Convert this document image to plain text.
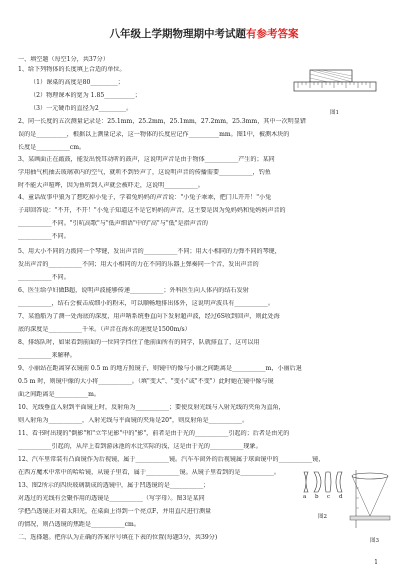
八年级上学期物理期中考试题有参考答案
一、填空题（每空1分，共37分）
1、给下列物体的长度填上合适的单位。
（1）课桌的高度是80_________；
（2）物理课本的宽为 1.85__________；
（3）一元硬币的直径为2_________。
图1
2、同一长度的五次测量记录是：25.1mm，25.2mm，25.1mm，27.2mm，25.3mm，其中一次明显错
误的是__________，根据以上测量记录，这一物体的长度应记作__________mm。图1中，被测木块的
长度是___________cm。
3、某画面正在敲鼓，能发出悦耳动听的鼓声，这说明声音是由于物体___________产生的；某同
学用抽气机抽去玻璃罩内的空气，就听不到铃声了，这说明声音的传播需要___________，钓鱼
时不能大声喧哗，因为鱼听到人声就会被吓走，这说明___________。
4、童话故事中狼为了想吃掉小兔子，学着兔妈妈的声音说："小兔子乖乖，把门儿开开！"小兔
子却回答说："不开，不开！"小兔子知道这不是它妈妈的声音，这主要是因为兔妈妈和兔妈妈声音的
___________不同。"引吭高歌"与"低声细语"中的"高"与"低"是指声音的
___________不同。
5、用大小不同的力拨同一个琴键，发出声音的___________不同；用大小相同的力弹不同的琴键，
发出声音的___________不同；用大小相同的力在不同的乐器上弹奏同一个音，发出声音的
___________不同。
6、医生给孕妇做B超，说明声波能够传递___________；外科医生向人体内的结石发射
___________，结石会被击成细小的粉末，可以顺畅地排出体外，这说明声波具有___________。
7、某渔船为了测一处海底的深度，用声呐系统垂直向下发射超声波，经过6S收到回声，则此处海
底的深度是___________千米。（声音在海水的速度是1500m/s）
8、排练队时，如果看到前面的一位同学挡住了他前面所有的同学，队就排直了，这可以用
___________来解释。
9、小丽站在距离穿衣镜前 0.5 m 的地方照镜子，则镜中的像与小丽之间距离是___________m，小丽后退
0.5 m 时，则镜中像的大小将___________。（填"变大"、"变小"或"不变"）此时她在镜中像与镜
面之间距离是___________m。
10、光线垂直入射到平面镜上时，反射角为___________；要使反射光线与入射光线的夹角为直角，
则入射角为___________，入射光线与平面镜的夹角是20°，则反射角是___________。
11、看书时出现的"倒影"和"立竿见影"中的"影"，前者是由于光的___________引起的；后者是由光的
___________引起的，从岸上看到游泳池的水比实际的浅，这是由于光的___________现象。
12、汽车里常装有凸面镜作为后视镜，属于___________镜。汽车车窗外的后视镜属于球面镜中的___________镜，
在西方魔术中常中的哈哈镜，从镜子里看，属于___________镜。从镜子里看到的是___________。
13、图2所示的四块玻璃制成的透镜中，属于凹透镜的是___________；
对透过的光线有会聚作用的透镜是___________（写字母）。图3是某同
学把凸透镜正对着太阳光，在桌面上得到一个亮点F，并用直尺进行测量
的情况，则凸透镜的焦距是___________cm。
二、选择题。把你认为正确的答案序号填在下表的位置(每题3分，共39分)
a b c d
图2
图3
1
